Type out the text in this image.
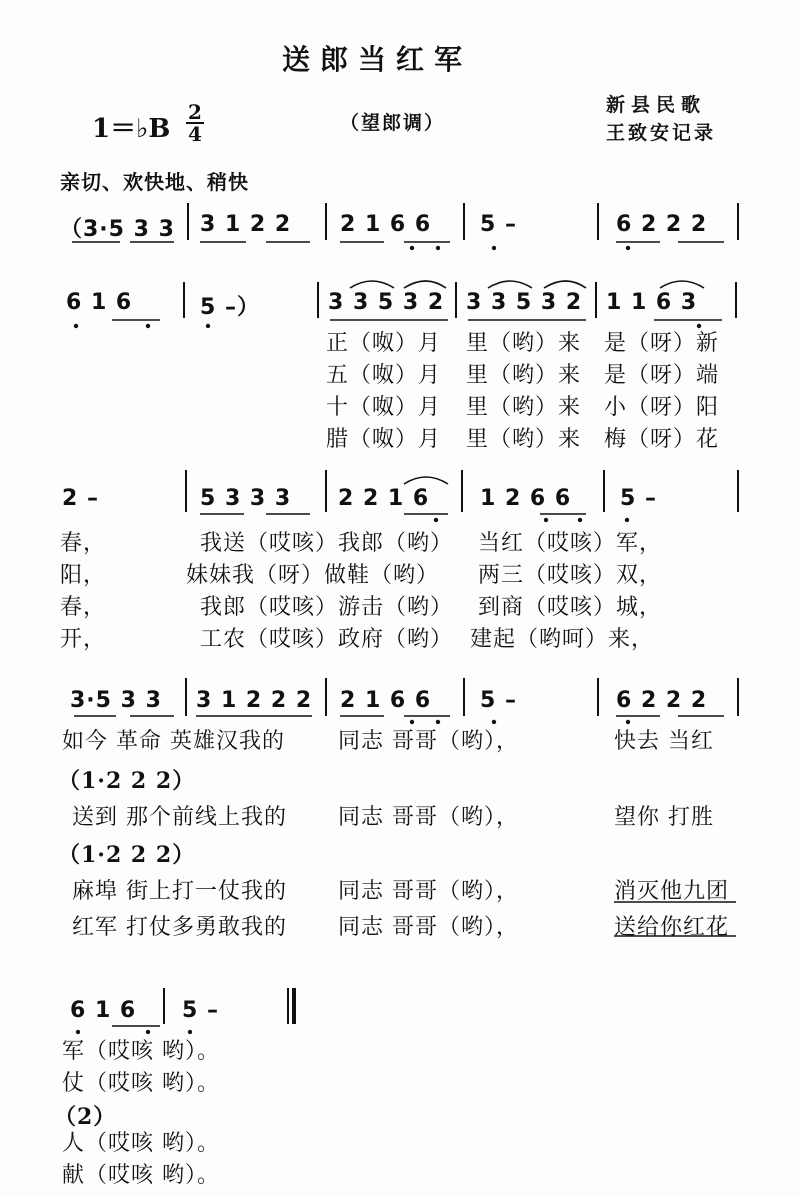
送郎当红军
1＝♭B
2
4	（望郎调）
新县民歌
王致安记录
亲切、欢快地、稍快
（3·5 3 3 3 1 2 2 2 1 6 6 5 –	6 2 2 2
6 1 6	5 –）	3 3 5 3 2 3 3 5 3 2 1 1 6 3
正（呶）月 里（哟）来 是（呀）新
五（呶）月 里（哟）来 是（呀）端
十（呶）月 里（哟）来 小（呀）阳
腊（呶）月 里（哟）来 梅（呀）花
2 –	5 3 3 3 2 2 1 6 1 2 6 6 5 –
春，	我送（哎咳）我郎（哟） 当红（哎咳）军，
阳，	妹妹我（呀）做鞋（哟） 两三（哎咳）双，
春，	我郎（哎咳）游击（哟） 到商（哎咳）城，
开，	工农（哎咳）政府（哟） 建起（哟呵）来，
3·5 3 3 3 1 2 2 2 2 1 6 6 5 –	6 2 2 2
如今 革命 英雄汉我的 同志 哥哥（哟），	快去 当红
（1·2 2 2）
送到 那个前线上我的 同志 哥哥（哟），	望你 打胜
（1·2 2 2）
麻埠 街上打一仗我的 同志 哥哥（哟），	消灭他九团
红军 打仗多勇敢我的 同志 哥哥（哟），	送给你红花
6 1 6 5 –
军（哎咳 哟）。
仗（哎咳 哟）。
（2）
人（哎咳 哟）。
献（哎咳 哟）。
